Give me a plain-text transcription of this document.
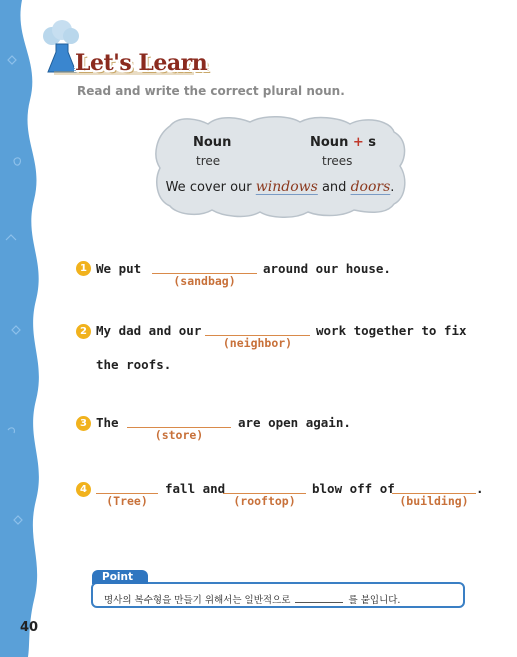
40
Let's Learn
Read and write the correct plural noun.
Noun
tree
Noun + s
trees
We cover our windows and doors.
1 We put
(sandbag)
around our house.
2 My dad and our
(neighbor)
work together to fix
the roofs.
3 The
(store)
are open again.
4
(Tree)
fall and
(rooftop)
blow off of
(building)
.
Point
명사의 복수형을 만들기 위해서는 일반적으로	를 붙입니다.
